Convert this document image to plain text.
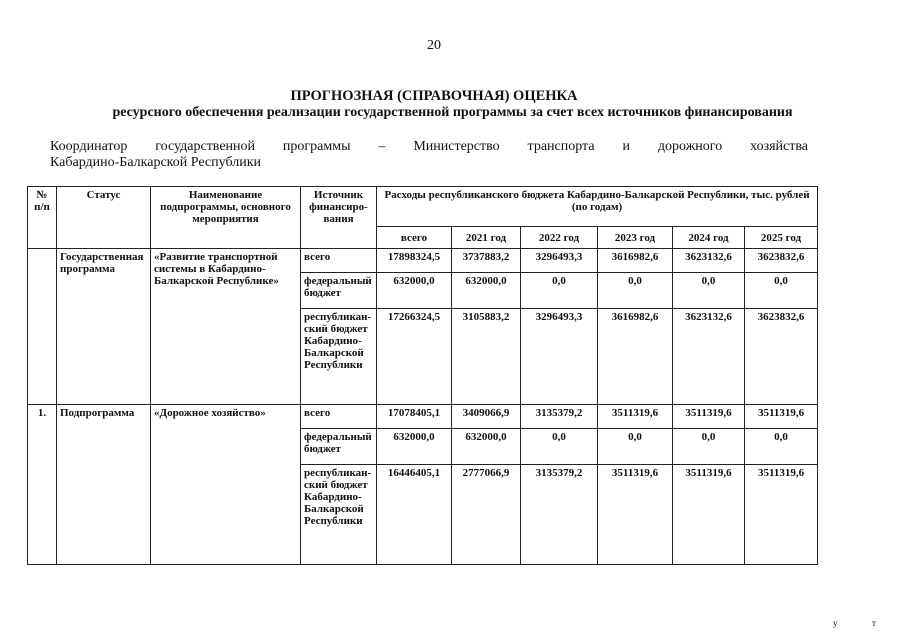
20
ПРОГНОЗНАЯ (СПРАВОЧНАЯ) ОЦЕНКА
ресурсного обеспечения реализации государственной программы за счет всех источников финансирования
Координатор государственной программы – Министерство транспорта и дорожного хозяйства
Кабардино-Балкарской Республики
№ п/п	Статус	Наименование подпрограммы, основного мероприятия	Источник финансиро- вания	Расходы республиканского бюджета Кабардино-Балкарской Республики, тыс. рублей (по годам)					
				всего	2021 год	2022 год	2023 год	2024 год	2025 год
	Государственная программа	«Развитие транспортной системы в Кабардино-Балкарской Республике»	всего	17898324,5	3737883,2	3296493,3	3616982,6	3623132,6	3623832,6
			федеральный бюджет	632000,0	632000,0	0,0	0,0	0,0	0,0
			республикан- ский бюджет Кабардино- Балкарской Республики	17266324,5	3105883,2	3296493,3	3616982,6	3623132,6	3623832,6
1.	Подпрограмма	«Дорожное хозяйство»	всего	17078405,1	3409066,9	3135379,2	3511319,6	3511319,6	3511319,6
			федеральный бюджет	632000,0	632000,0	0,0	0,0	0,0	0,0
			республикан- ский бюджет Кабардино- Балкарской Республики	16446405,1	2777066,9	3135379,2	3511319,6	3511319,6	3511319,6
у	т
